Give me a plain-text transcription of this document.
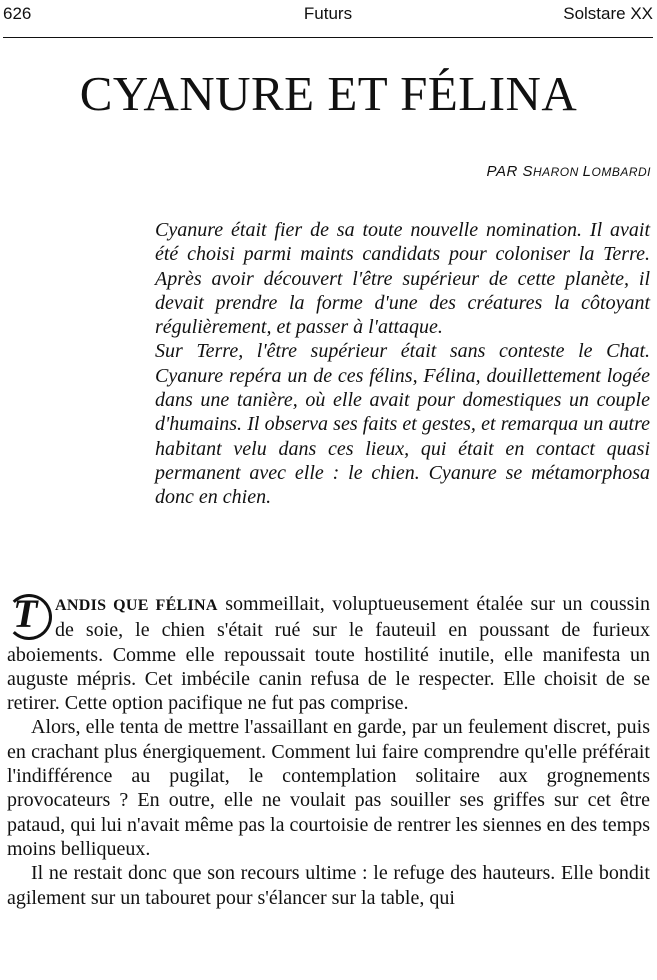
626	Futurs	Solstare XX
CYANURE ET FÉLINA
PAR SHARON LOMBARDI

Cyanure était fier de sa toute nouvelle nomination. Il avait été choisi parmi maints candidats pour coloniser la Terre. Après avoir découvert l'être supérieur de cette planète, il devait prendre la forme d'une des créatures la côtoyant régulièrement, et passer à l'attaque.

Sur Terre, l'être supérieur était sans conteste le Chat. Cyanure repéra un de ces félins, Félina, douillettement logée dans une tanière, où elle avait pour domestiques un couple d'humains. Il observa ses faits et gestes, et remarqua un autre habitant velu dans ces lieux, qui était en contact quasi permanent avec elle : le chien. Cyanure se métamorphosa donc en chien.

T ANDIS QUE FÉLINA sommeillait, voluptueusement étalée sur un coussin de soie, le chien s'était rué sur le fauteuil en poussant de furieux aboiements. Comme elle repoussait toute hostilité inutile, elle manifesta un auguste mépris. Cet imbécile canin refusa de le respecter. Elle choisit de se retirer. Cette option pacifique ne fut pas comprise.

Alors, elle tenta de mettre l'assaillant en garde, par un feulement discret, puis en crachant plus énergiquement. Comment lui faire comprendre qu'elle préférait l'indifférence au pugilat, le contemplation solitaire aux grognements provocateurs ? En outre, elle ne voulait pas souiller ses griffes sur cet être pataud, qui lui n'avait même pas la courtoisie de rentrer les siennes en des temps moins belliqueux.

Il ne restait donc que son recours ultime : le refuge des hauteurs. Elle bondit agilement sur un tabouret pour s'élancer sur la table, qui
